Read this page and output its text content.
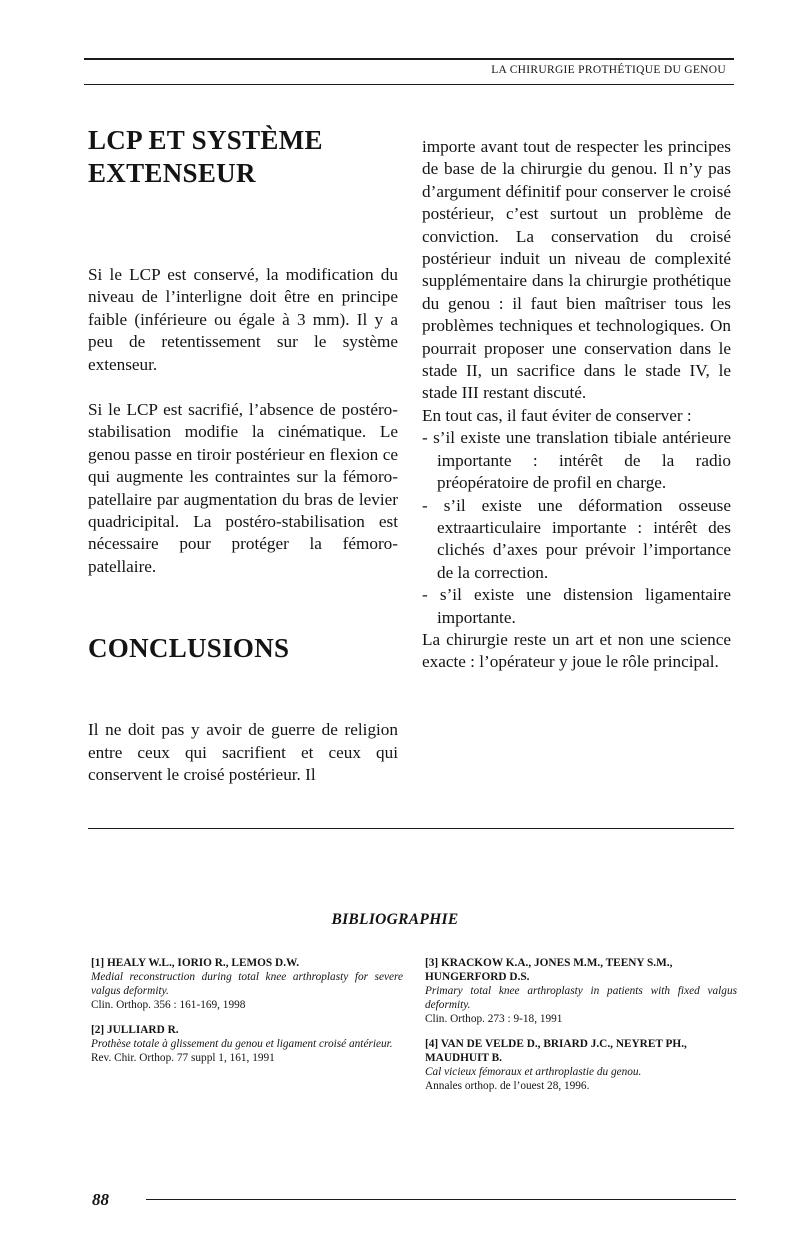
LA CHIRURGIE PROTHÉTIQUE DU GENOU
LCP ET SYSTÈME
EXTENSEUR

Si le LCP est conservé, la modification du niveau de l’interligne doit être en principe faible (inférieure ou égale à 3 mm). Il y a peu de retentissement sur le système extenseur.

Si le LCP est sacrifié, l’absence de postéro-stabilisation modifie la cinématique. Le genou passe en tiroir postérieur en flexion ce qui augmente les contraintes sur la fémoro-patellaire par augmentation du bras de levier quadricipital. La postéro-stabilisation est nécessaire pour protéger la fémoro-patellaire.

CONCLUSIONS

Il ne doit pas y avoir de guerre de religion entre ceux qui sacrifient et ceux qui conservent le croisé postérieur. Il

importe avant tout de respecter les principes de base de la chirurgie du genou. Il n’y pas d’argument définitif pour conserver le croisé postérieur, c’est surtout un problème de conviction. La conservation du croisé postérieur induit un niveau de complexité supplémentaire dans la chirurgie prothétique du genou : il faut bien maîtriser tous les problèmes techniques et technologiques. On pourrait proposer une conservation dans le stade II, un sacrifice dans le stade IV, le stade III restant discuté.

En tout cas, il faut éviter de conserver :

- s’il existe une translation tibiale antérieure importante : intérêt de la radio préopératoire de profil en charge.
- s’il existe une déformation osseuse extraarticulaire importante : intérêt des clichés d’axes pour prévoir l’importance de la correction.
- s’il existe une distension ligamentaire importante.

La chirurgie reste un art et non une science exacte : l’opérateur y joue le rôle principal.

BIBLIOGRAPHIE
[1] HEALY W.L., IORIO R., LEMOS D.W.
Medial reconstruction during total knee arthroplasty for severe valgus deformity.
Clin. Orthop. 356 : 161-169, 1998
[2] JULLIARD R.
Prothèse totale à glissement du genou et ligament croisé antérieur.
Rev. Chir. Orthop. 77 suppl 1, 161, 1991
[3] KRACKOW K.A., JONES M.M., TEENY S.M., HUNGERFORD D.S.
Primary total knee arthroplasty in patients with fixed valgus deformity.
Clin. Orthop. 273 : 9-18, 1991
[4] VAN DE VELDE D., BRIARD J.C., NEYRET PH., MAUDHUIT B.
Cal vicieux fémoraux et arthroplastie du genou.
Annales orthop. de l’ouest 28, 1996.
88
